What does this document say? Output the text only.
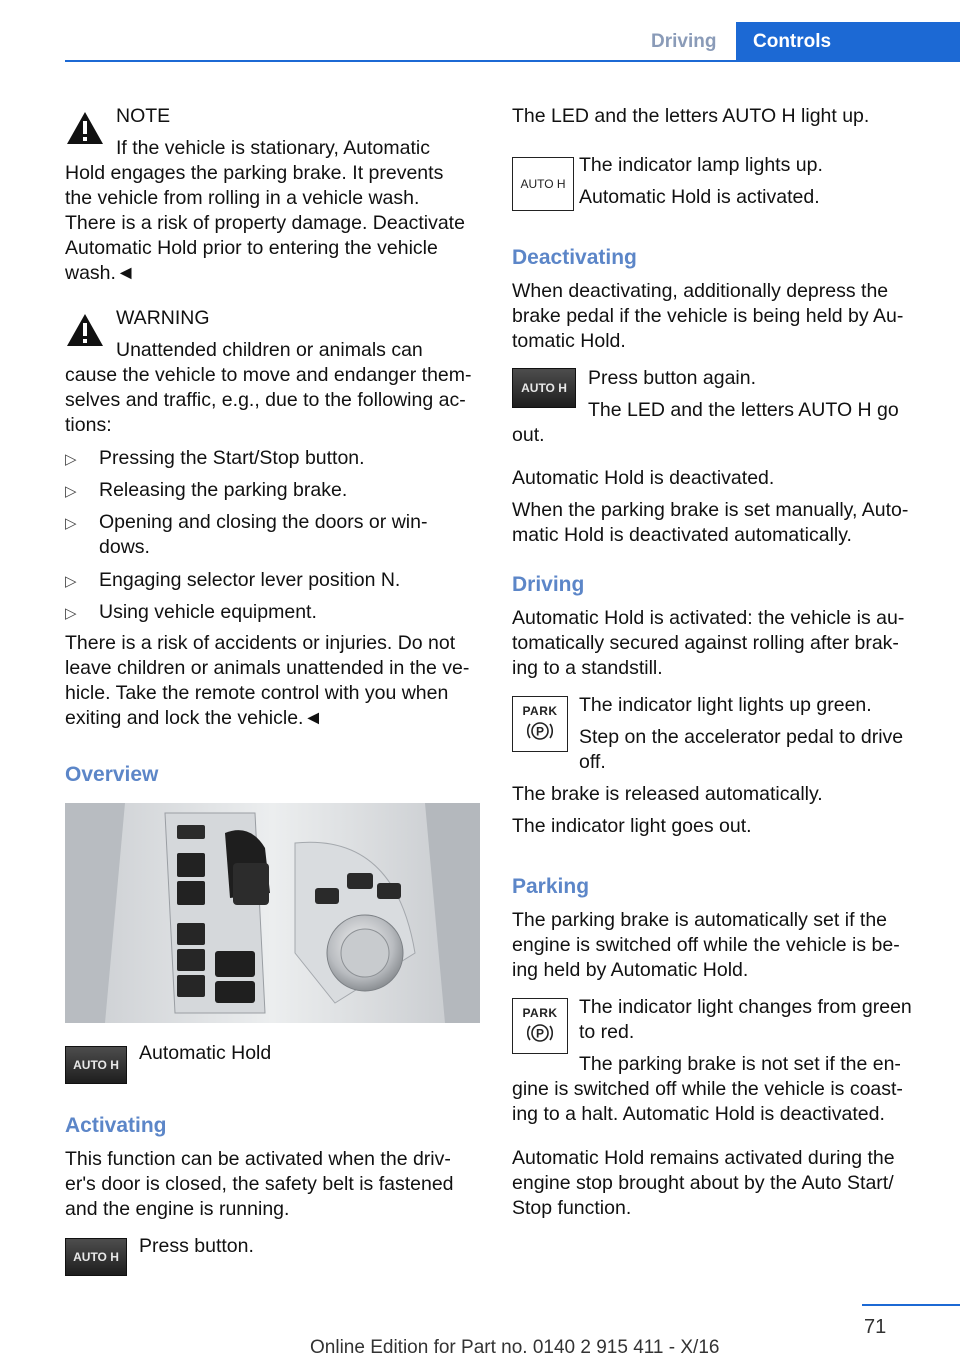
Driving	Controls
NOTE
If the vehicle is stationary, Automatic
Hold engages the parking brake. It prevents
the vehicle from rolling in a vehicle wash.
There is a risk of property damage. Deactivate
Automatic Hold prior to entering the vehicle
wash.◄
WARNING
Unattended children or animals can
cause the vehicle to move and endanger them‐
selves and traffic, e.g., due to the following ac‐
tions:
▷ Pressing the Start/Stop button.
▷ Releasing the parking brake.
▷ Opening and closing the doors or win‐
dows.
▷ Engaging selector lever position N.
▷ Using vehicle equipment.
There is a risk of accidents or injuries. Do not
leave children or animals unattended in the ve‐
hicle. Take the remote control with you when
exiting and lock the vehicle.◄
Overview
AUTO H
Automatic Hold
Activating
This function can be activated when the driv‐
er's door is closed, the safety belt is fastened
and the engine is running.
AUTO H	Press button.
The LED and the letters AUTO H light up.
AUTO H
The indicator lamp lights up.
Automatic Hold is activated.
Deactivating
When deactivating, additionally depress the
brake pedal if the vehicle is being held by Au‐
tomatic Hold.
AUTO H	Press button again.
The LED and the letters AUTO H go
out.
Automatic Hold is deactivated.
When the parking brake is set manually, Auto‐
matic Hold is deactivated automatically.
Driving
Automatic Hold is activated: the vehicle is au‐
tomatically secured against rolling after brak‐
ing to a standstill.
PARK
P
The indicator light lights up green.
Step on the accelerator pedal to drive
off.
The brake is released automatically.
The indicator light goes out.
Parking
The parking brake is automatically set if the
engine is switched off while the vehicle is be‐
ing held by Automatic Hold.
PARK
P
The indicator light changes from green
to red.
The parking brake is not set if the en‐
gine is switched off while the vehicle is coast‐
ing to a halt. Automatic Hold is deactivated.
Automatic Hold remains activated during the
engine stop brought about by the Auto Start/
Stop function.
71
Online Edition for Part no. 0140 2 915 411 - X/16
